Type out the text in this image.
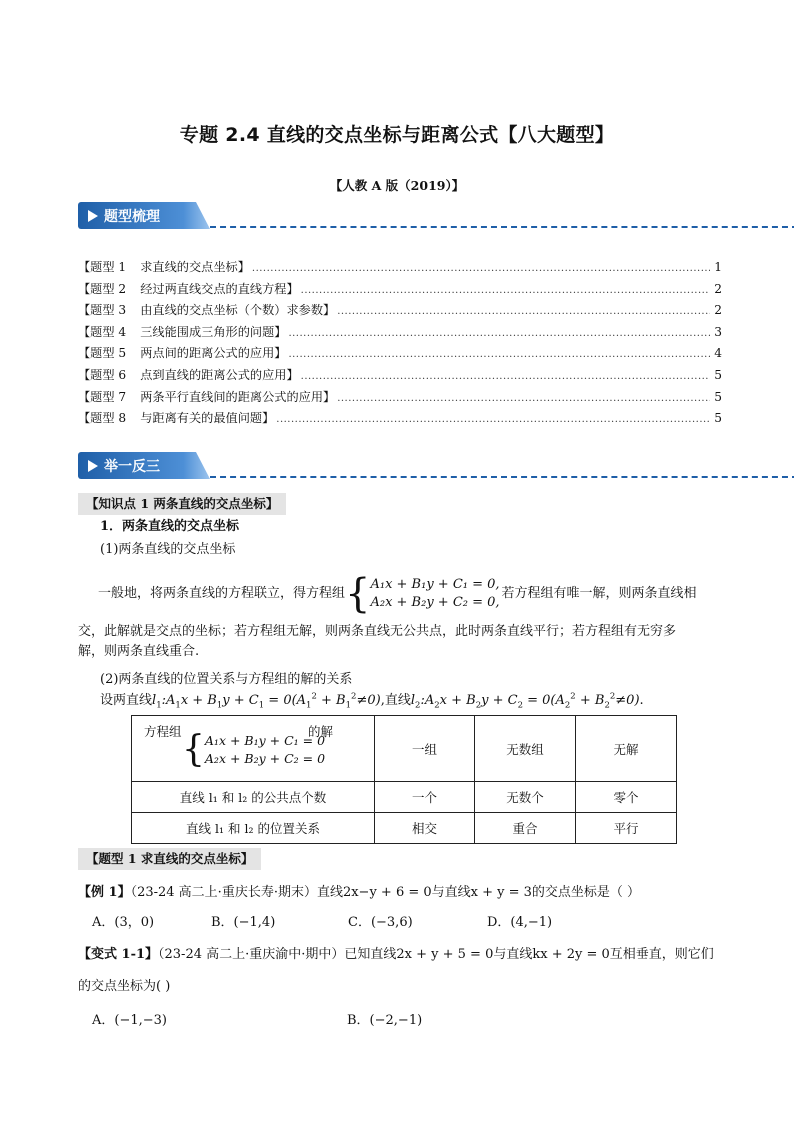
专题 2.4 直线的交点坐标与距离公式【八大题型】
【人教 A 版（2019）】
题型梳理
【题型 1 求直线的交点坐标】 .....	1
【题型 2 经过两直线交点的直线方程】 .....	2
【题型 3 由直线的交点坐标（个数）求参数】 .....	2
【题型 4 三线能围成三角形的问题】 .....	3
【题型 5 两点间的距离公式的应用】 .....	4
【题型 6 点到直线的距离公式的应用】 .....	5
【题型 7 两条平行直线间的距离公式的应用】 .....	5
【题型 8 与距离有关的最值问题】 .....	5
举一反三
【知识点 1 两条直线的交点坐标】
1．两条直线的交点坐标
(1)两条直线的交点坐标
一般地，将两条直线的方程联立，得方程组{ A₁x + B₁y + C₁ = 0,
A₂x + B₂y + C₂ = 0,
若方程组有唯一解，则两条直线相
交，此解就是交点的坐标；若方程组无解，则两条直线无公共点，此时两条直线平行；若方程组有无穷多
解，则两条直线重合.
(2)两条直线的位置关系与方程组的解的关系
设两直线$l_1:A_1x + B_1y + C_1 = 0(A_1^2 + B_1^2\ne 0)$,直线$l_2:A_2x + B_2y + C_2 = 0(A_2^2 + B_2^2\ne 0)$.
方程组 的解
{ A₁x + B₁y + C₁ = 0
A₂x + B₂y + C₂ = 0	一组	无数组	无解
直线 l₁ 和 l₂ 的公共点个数	一个	无数个	零个
直线 l₁ 和 l₂ 的位置关系	相交	重合	平行
【题型 1 求直线的交点坐标】
【例 1】（23-24 高二上·重庆长寿·期末）直线2x−y + 6 = 0与直线x + y = 3的交点坐标是（ ）
A．(3，0)	B．(−1,4)	C．(−3,6)	D．(4,−1)
【变式 1-1】（23-24 高二上·重庆渝中·期中）已知直线2x + y + 5 = 0与直线kx + 2y = 0互相垂直，则它们
的交点坐标为( )
A．(−1,−3)	B．(−2,−1)
